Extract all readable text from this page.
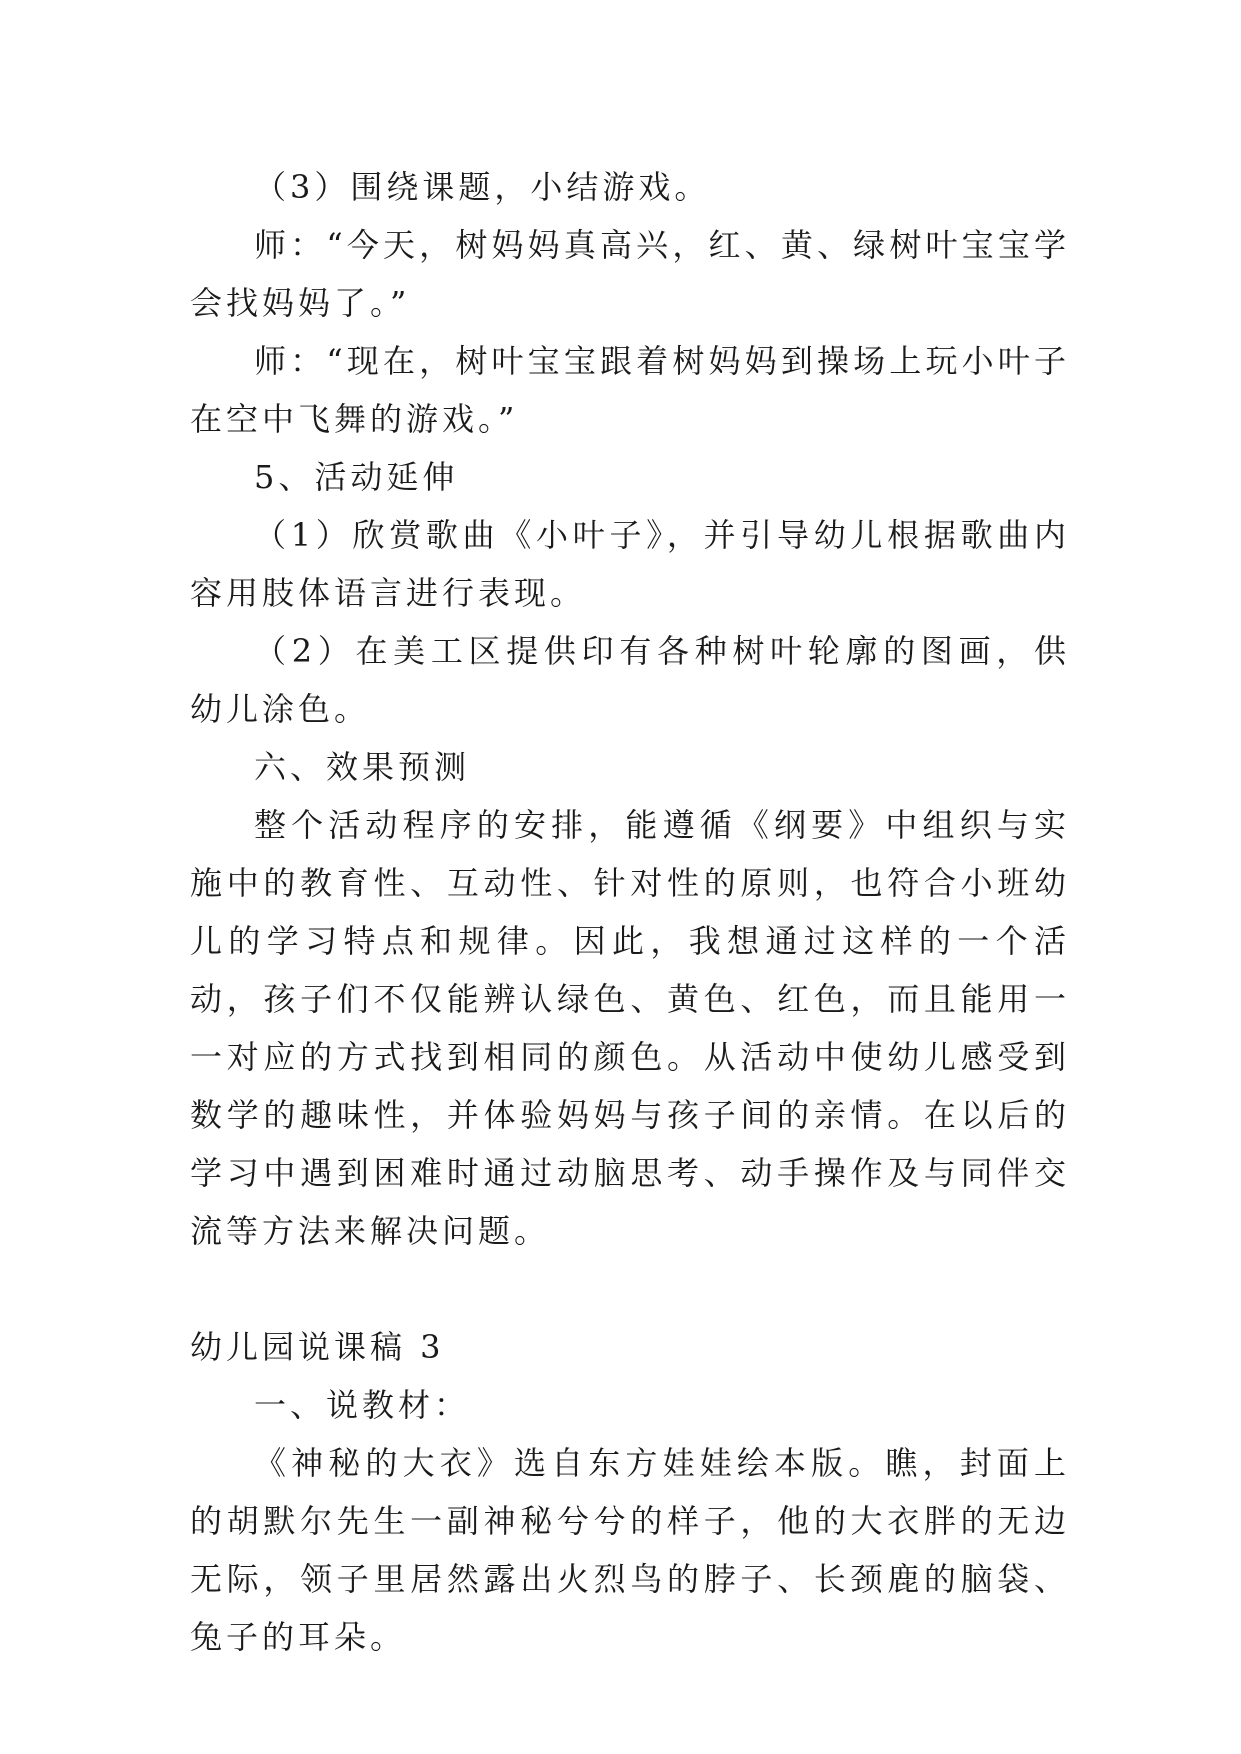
（3）围绕课题，小结游戏。

师：“今天，树妈妈真高兴，红、黄、绿树叶宝宝学会找妈妈了。”

师：“现在，树叶宝宝跟着树妈妈到操场上玩小叶子在空中飞舞的游戏。”

5、活动延伸

（1）欣赏歌曲《小叶子》，并引导幼儿根据歌曲内容用肢体语言进行表现。

（2）在美工区提供印有各种树叶轮廓的图画，供幼儿涂色。

六、效果预测

整个活动程序的安排，能遵循《纲要》中组织与实施中的教育性、互动性、针对性的原则，也符合小班幼儿的学习特点和规律。因此，我想通过这样的一个活动，孩子们不仅能辨认绿色、黄色、红色，而且能用一一对应的方式找到相同的颜色。从活动中使幼儿感受到数学的趣味性，并体验妈妈与孩子间的亲情。在以后的学习中遇到困难时通过动脑思考、动手操作及与同伴交流等方法来解决问题。

幼儿园说课稿 3

一、说教材：

《神秘的大衣》选自东方娃娃绘本版。瞧，封面上的胡默尔先生一副神秘兮兮的样子，他的大衣胖的无边无际，领子里居然露出火烈鸟的脖子、长颈鹿的脑袋、兔子的耳朵。
